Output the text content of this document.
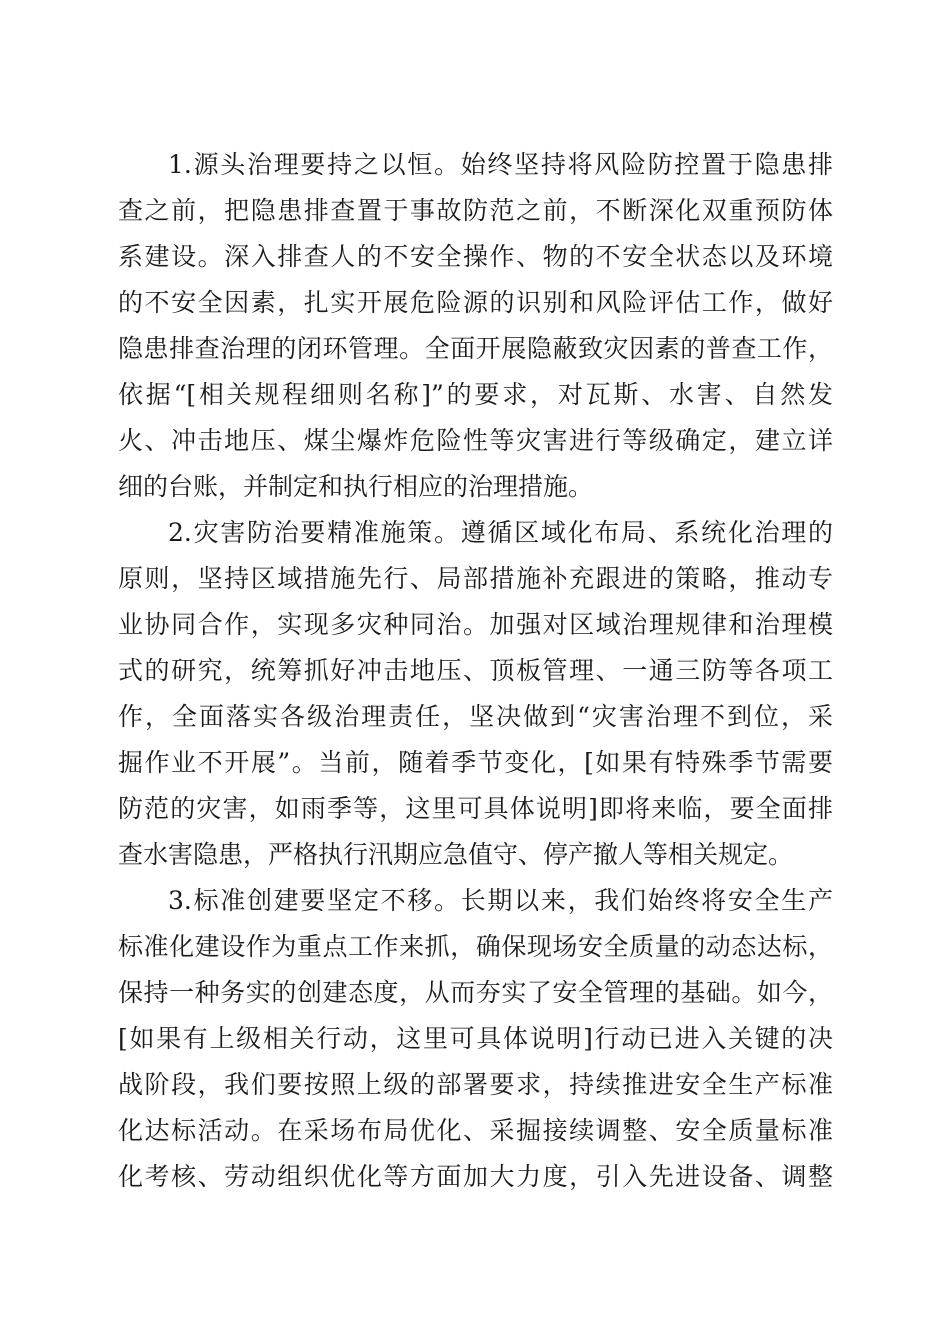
1.源头治理要持之以恒。始终坚持将风险防控置于隐患排
查之前，把隐患排查置于事故防范之前，不断深化双重预防体
系建设。深入排查人的不安全操作、物的不安全状态以及环境
的不安全因素，扎实开展危险源的识别和风险评估工作，做好
隐患排查治理的闭环管理。全面开展隐蔽致灾因素的普查工作，
依据“[相关规程细则名称]”的要求，对瓦斯、水害、自然发
火、冲击地压、煤尘爆炸危险性等灾害进行等级确定，建立详
细的台账，并制定和执行相应的治理措施。
2.灾害防治要精准施策。遵循区域化布局、系统化治理的
原则，坚持区域措施先行、局部措施补充跟进的策略，推动专
业协同合作，实现多灾种同治。加强对区域治理规律和治理模
式的研究，统筹抓好冲击地压、顶板管理、一通三防等各项工
作，全面落实各级治理责任，坚决做到“灾害治理不到位，采
掘作业不开展”。当前，随着季节变化，[如果有特殊季节需要
防范的灾害，如雨季等，这里可具体说明]即将来临，要全面排
查水害隐患，严格执行汛期应急值守、停产撤人等相关规定。
3.标准创建要坚定不移。长期以来，我们始终将安全生产
标准化建设作为重点工作来抓，确保现场安全质量的动态达标，
保持一种务实的创建态度，从而夯实了安全管理的基础。如今，
[如果有上级相关行动，这里可具体说明]行动已进入关键的决
战阶段，我们要按照上级的部署要求，持续推进安全生产标准
化达标活动。在采场布局优化、采掘接续调整、安全质量标准
化考核、劳动组织优化等方面加大力度，引入先进设备、调整
